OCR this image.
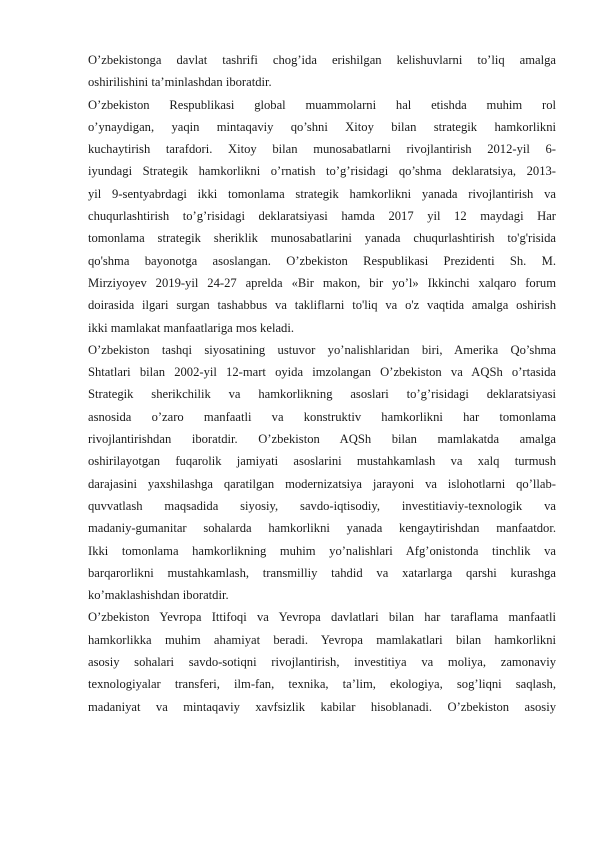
O’zbekistonga davlat tashrifi chog’ida erishilgan kelishuvlarni to’liq amalga
oshirilishini ta’minlashdan iboratdir.
O’zbekiston Respublikasi global muammolarni hal etishda muhim rol
o’ynaydigan, yaqin mintaqaviy qo’shni Xitoy bilan strategik hamkorlikni
kuchaytirish tarafdori. Xitoy bilan munosabatlarni rivojlantirish 2012-yil 6-
iyundagi Strategik hamkorlikni o’rnatish to’g’risidagi qo’shma deklaratsiya, 2013-
yil 9-sentyabrdagi ikki tomonlama strategik hamkorlikni yanada rivojlantirish va
chuqurlashtirish to’g’risidagi deklaratsiyasi hamda 2017 yil 12 maydagi Har
tomonlama strategik sheriklik munosabatlarini yanada chuqurlashtirish to'g'risida
qo'shma bayonotga asoslangan. O’zbekiston Respublikasi Prezidenti Sh. M.
Mirziyoyev 2019-yil 24-27 aprelda «Bir makon, bir yo’l» Ikkinchi xalqaro forum
doirasida ilgari surgan tashabbus va takliflarni to'liq va o'z vaqtida amalga oshirish
ikki mamlakat manfaatlariga mos keladi.
O’zbekiston tashqi siyosatining ustuvor yo’nalishlaridan biri, Amerika Qo’shma
Shtatlari bilan 2002-yil 12-mart oyida imzolangan O’zbekiston va AQSh o’rtasida
Strategik sherikchilik va hamkorlikning asoslari to’g’risidagi deklaratsiyasi
asnosida o’zaro manfaatli va konstruktiv hamkorlikni har tomonlama
rivojlantirishdan iboratdir. O’zbekiston AQSh bilan mamlakatda amalga
oshirilayotgan fuqarolik jamiyati asoslarini mustahkamlash va xalq turmush
darajasini yaxshilashga qaratilgan modernizatsiya jarayoni va islohotlarni qo’llab-
quvvatlash maqsadida siyosiy, savdo-iqtisodiy, investitiaviy-texnologik va
madaniy-gumanitar sohalarda hamkorlikni yanada kengaytirishdan manfaatdor.
Ikki tomonlama hamkorlikning muhim yo’nalishlari Afg’onistonda tinchlik va
barqarorlikni mustahkamlash, transmilliy tahdid va xatarlarga qarshi kurashga
ko’maklashishdan iboratdir.
O’zbekiston Yevropa Ittifoqi va Yevropa davlatlari bilan har taraflama manfaatli
hamkorlikka muhim ahamiyat beradi. Yevropa mamlakatlari bilan hamkorlikni
asosiy sohalari savdo-sotiqni rivojlantirish, investitiya va moliya, zamonaviy
texnologiyalar transferi, ilm-fan, texnika, ta’lim, ekologiya, sog’liqni saqlash,
madaniyat va mintaqaviy xavfsizlik kabilar hisoblanadi. O’zbekiston asosiy
